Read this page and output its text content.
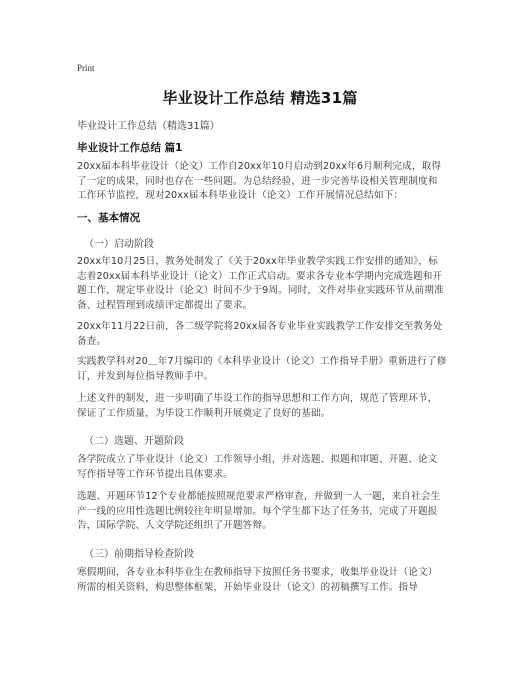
Print
毕业设计工作总结 精选31篇
毕业设计工作总结（精选31篇）
毕业设计工作总结 篇1

20xx届本科毕业设计（论文）工作自20xx年10月启动到20xx年6月顺利完成，取得了一定的成果，同时也存在一些问题。为总结经验，进一步完善毕设相关管理制度和工作环节监控，现对20xx届本科毕业设计（论文）工作开展情况总结如下：

一、基本情况
（一）启动阶段

20xx年10月25日，教务处制发了《关于20xx年毕业教学实践工作安排的通知》，标志着20xx届本科毕业设计（论文）工作正式启动。要求各专业本学期内完成选题和开题工作，规定毕业设计（论文）时间不少于9周。同时，文件对毕业实践环节从前期准备、过程管理到成绩评定都提出了要求。

20xx年11月22日前，各二级学院将20xx届各专业毕业实践教学工作安排交至教务处备查。

实践教学科对20＿年7月编印的《本科毕业设计（论文）工作指导手册》重新进行了修订，并发到每位指导教师手中。

上述文件的制发，进一步明确了毕设工作的指导思想和工作方向，规范了管理环节，保证了工作质量，为毕设工作顺利开展奠定了良好的基础。

（二）选题、开题阶段

各学院成立了毕业设计（论文）工作领导小组，并对选题、拟题和审题、开题、论文写作指导等工作环节提出具体要求。

选题、开题环节12个专业都能按照规范要求严格审查，并做到一人一题，来自社会生产一线的应用性选题比例较往年明显增加。每个学生都下达了任务书，完成了开题报告，国际学院、人文学院还组织了开题答辩。

（三）前期指导检查阶段

寒假期间，各专业本科毕业生在教师指导下按照任务书要求，收集毕业设计（论文）所需的相关资料，构思整体框架，开始毕业设计（论文）的初稿撰写工作。指导
